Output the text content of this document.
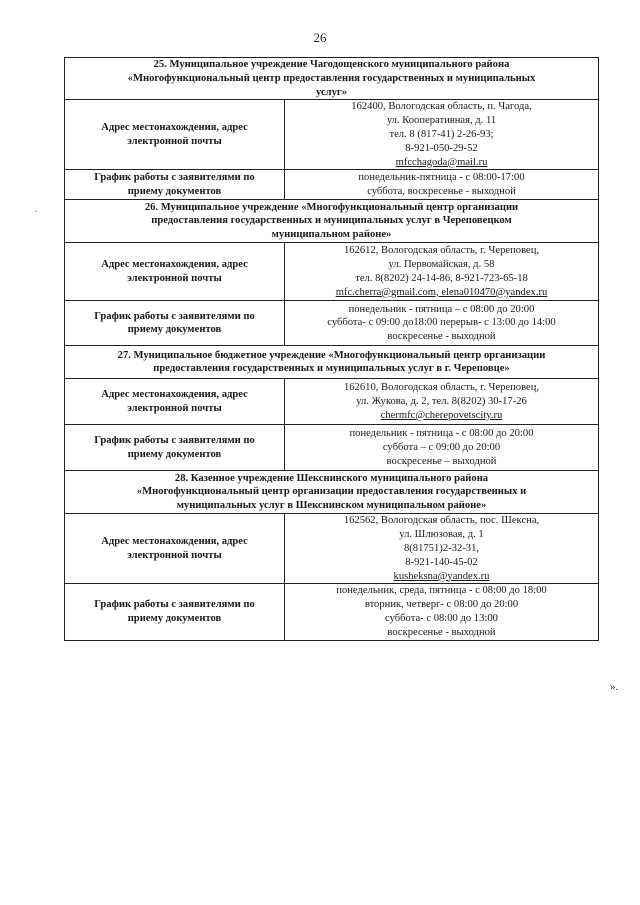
26
.
25. Муниципальное учреждение Чагодощенского муниципального района
«Многофункциональный центр предоставления государственных и муниципальных
услуг»	

Адрес местонахождения, адрес
электронной почты	162400, Вологодская область, п. Чагода,
ул. Кооперативная, д. 11
тел. 8 (817-41) 2-26-93;
8-921-050-29-52
mfcchagoda@mail.ru

График работы с заявителями по
приему документов	понедельник-пятница - с 08:00-17:00
суббота, воскресенье - выходной

26. Муниципальное учреждение «Многофункциональный центр организации
предоставления государственных и муниципальных услуг в Череповецком
муниципальном районе»	

Адрес местонахождения, адрес
электронной почты	162612, Вологодская область, г. Череповец,
ул. Первомайская, д. 58
тел. 8(8202) 24-14-86, 8-921-723-65-18
mfc.cherra@gmail.com, elena010470@yandex.ru

График работы с заявителями по
приему документов	понедельник - пятница – с 08:00 до 20:00
суббота- с 09:00 до18:00 перерыв- с 13:00 до 14:00
воскресенье - выходной

27. Муниципальное бюджетное учреждение «Многофункциональный центр организации
предоставления государственных и муниципальных услуг в г. Череповце»	

Адрес местонахождения, адрес
электронной почты	162610, Вологодская область, г. Череповец,
ул. Жукова, д. 2, тел. 8(8202) 30-17-26
chermfc@cherepovetscity.ru

График работы с заявителями по
приему документов	понедельник - пятница - с 08:00 до 20:00
суббота – с 09:00 до 20:00
воскресенье – выходной

28. Казенное учреждение Шекснинского муниципального района
«Многофункциональный центр организации предоставления государственных и
муниципальных услуг в Шекснинском муниципальном районе»	

Адрес местонахождения, адрес
электронной почты	162562, Вологодская область, пос. Шексна,
ул. Шлюзовая, д. 1
8(81751)2-32-31,
8-921-140-45-02
kusheksna@yandex.ru

График работы с заявителями по
приему документов	понедельник, среда, пятница - с 08:00 до 18:00
вторник, четверг- с 08:00 до 20:00
суббота- с 08:00 до 13:00
воскресенье - выходной
».
